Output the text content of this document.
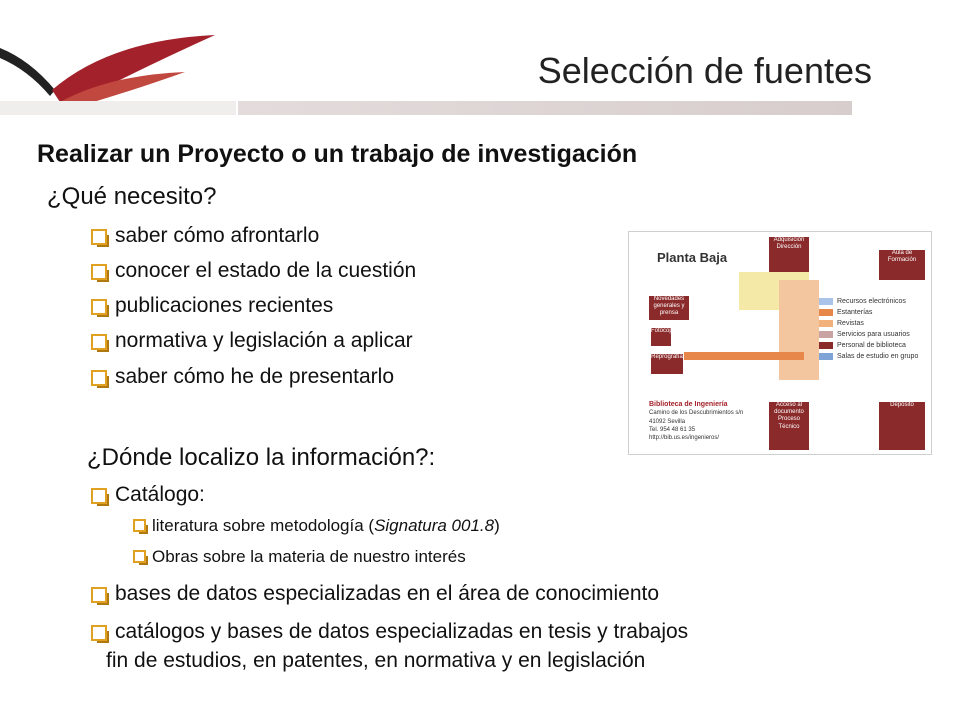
Selección de fuentes
Realizar un Proyecto o un trabajo de investigación
¿Qué necesito?
saber cómo afrontarlo
conocer el estado de la cuestión
publicaciones recientes
normativa y legislación a aplicar
saber cómo he de presentarlo
¿Dónde localizo la información?:
Catálogo:
literatura sobre metodología (Signatura 001.8)
Obras sobre la materia de nuestro interés
bases de datos especializadas en el área de conocimiento
catálogos y bases de datos especializadas en tesis y trabajos
fin de estudios, en patentes, en normativa y en legislación
Planta Baja
Adquisición
Dirección
Aula de Formación
Novedades generales y prensa
Fotocopias
Reprografía
Acceso al documento
Proceso Técnico
Depósito
Recursos electrónicos
Estanterías
Revistas
Servicios para usuarios
Personal de biblioteca
Salas de estudio en grupo
Biblioteca de Ingeniería
Camino de los Descubrimientos s/n
41092 Sevilla
Tel. 954 48 61 35
http://bib.us.es/ingenieros/
